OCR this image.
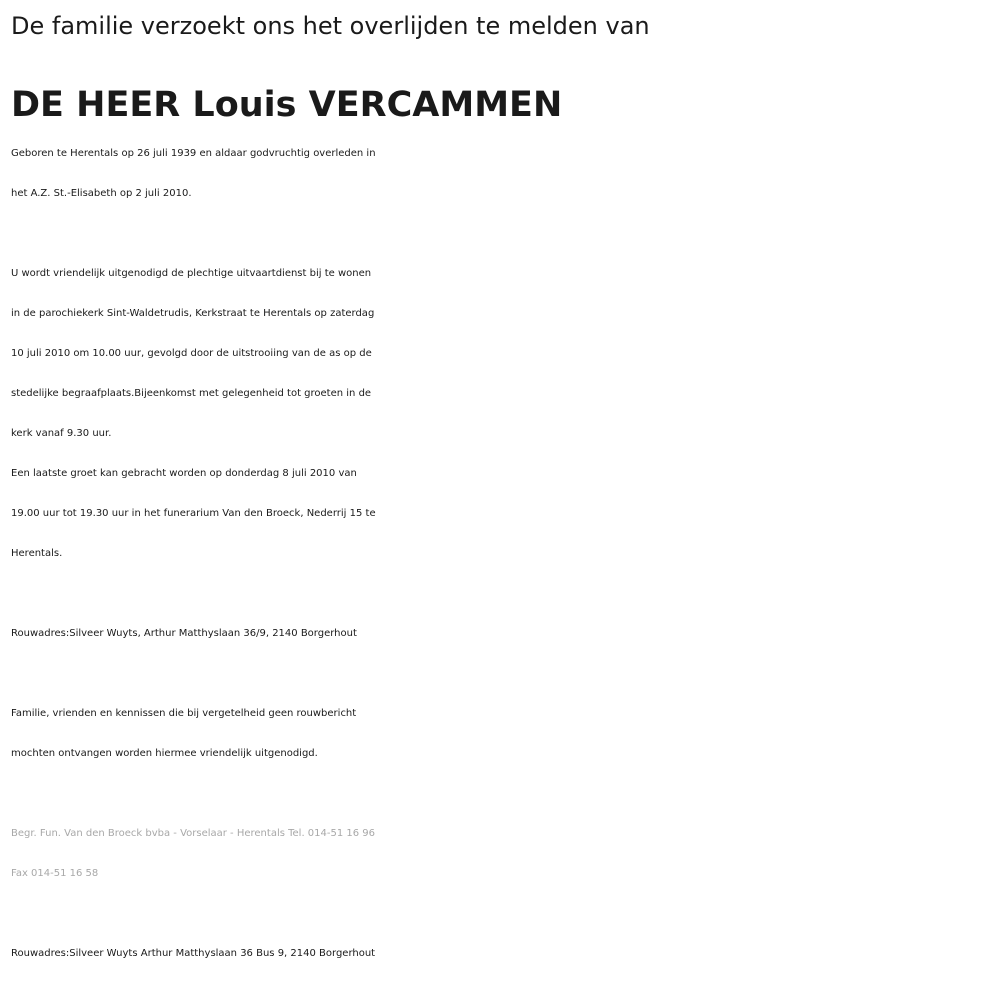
De familie verzoekt ons het overlijden te melden van
DE HEER Louis VERCAMMEN
Geboren te Herentals op 26 juli 1939 en aldaar godvruchtig overleden in
het A.Z. St.-Elisabeth op 2 juli 2010.
U wordt vriendelijk uitgenodigd de plechtige uitvaartdienst bij te wonen
in de parochiekerk Sint-Waldetrudis, Kerkstraat te Herentals op zaterdag
10 juli 2010 om 10.00 uur, gevolgd door de uitstrooiing van de as op de
stedelijke begraafplaats.Bijeenkomst met gelegenheid tot groeten in de
kerk vanaf 9.30 uur.
Een laatste groet kan gebracht worden op donderdag 8 juli 2010 van
19.00 uur tot 19.30 uur in het funerarium Van den Broeck, Nederrij 15 te
Herentals.
Rouwadres:Silveer Wuyts, Arthur Matthyslaan 36/9, 2140 Borgerhout
Familie, vrienden en kennissen die bij vergetelheid geen rouwbericht
mochten ontvangen worden hiermee vriendelijk uitgenodigd.
Begr. Fun. Van den Broeck bvba - Vorselaar - Herentals Tel. 014-51 16 96
Fax 014-51 16 58
Rouwadres:Silveer Wuyts Arthur Matthyslaan 36 Bus 9, 2140 Borgerhout
